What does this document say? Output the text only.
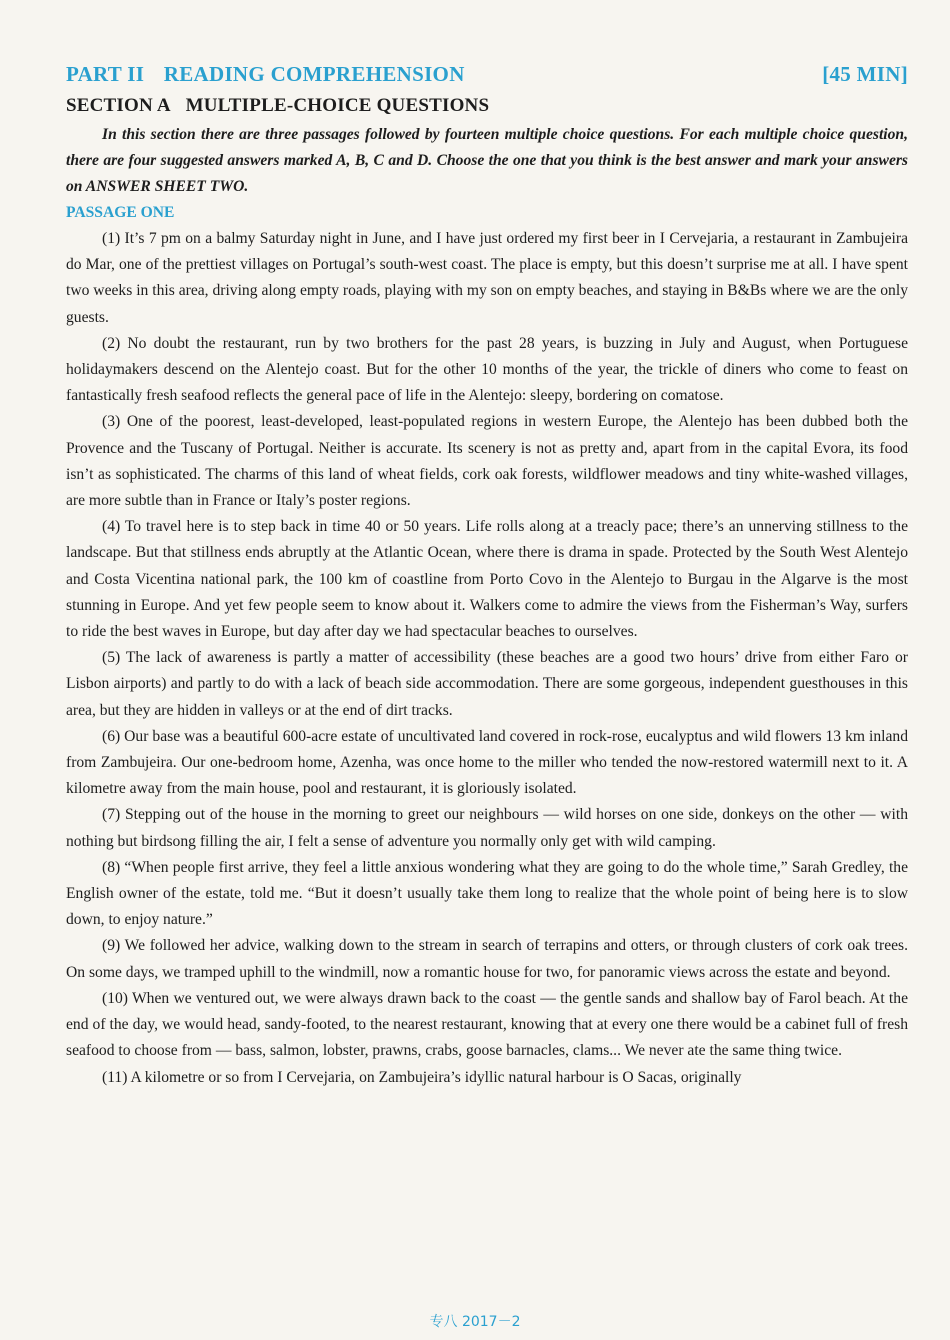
PART II READING COMPREHENSION	[45 MIN]
SECTION A MULTIPLE-CHOICE QUESTIONS

In this section there are three passages followed by fourteen multiple choice questions. For each multiple choice question, there are four suggested answers marked A, B, C and D. Choose the one that you think is the best answer and mark your answers on ANSWER SHEET TWO.

PASSAGE ONE

(1) It’s 7 pm on a balmy Saturday night in June, and I have just ordered my first beer in I Cervejaria, a restaurant in Zambujeira do Mar, one of the prettiest villages on Portugal’s south-west coast. The place is empty, but this doesn’t surprise me at all. I have spent two weeks in this area, driving along empty roads, playing with my son on empty beaches, and staying in B&Bs where we are the only guests.

(2) No doubt the restaurant, run by two brothers for the past 28 years, is buzzing in July and August, when Portuguese holidaymakers descend on the Alentejo coast. But for the other 10 months of the year, the trickle of diners who come to feast on fantastically fresh seafood reflects the general pace of life in the Alentejo: sleepy, bordering on comatose.

(3) One of the poorest, least-developed, least-populated regions in western Europe, the Alentejo has been dubbed both the Provence and the Tuscany of Portugal. Neither is accurate. Its scenery is not as pretty and, apart from in the capital Evora, its food isn’t as sophisticated. The charms of this land of wheat fields, cork oak forests, wildflower meadows and tiny white-washed villages, are more subtle than in France or Italy’s poster regions.

(4) To travel here is to step back in time 40 or 50 years. Life rolls along at a treacly pace; there’s an unnerving stillness to the landscape. But that stillness ends abruptly at the Atlantic Ocean, where there is drama in spade. Protected by the South West Alentejo and Costa Vicentina national park, the 100 km of coastline from Porto Covo in the Alentejo to Burgau in the Algarve is the most stunning in Europe. And yet few people seem to know about it. Walkers come to admire the views from the Fisherman’s Way, surfers to ride the best waves in Europe, but day after day we had spectacular beaches to ourselves.

(5) The lack of awareness is partly a matter of accessibility (these beaches are a good two hours’ drive from either Faro or Lisbon airports) and partly to do with a lack of beach side accommodation. There are some gorgeous, independent guesthouses in this area, but they are hidden in valleys or at the end of dirt tracks.

(6) Our base was a beautiful 600-acre estate of uncultivated land covered in rock-rose, eucalyptus and wild flowers 13 km inland from Zambujeira. Our one-bedroom home, Azenha, was once home to the miller who tended the now-restored watermill next to it. A kilometre away from the main house, pool and restaurant, it is gloriously isolated.

(7) Stepping out of the house in the morning to greet our neighbours — wild horses on one side, donkeys on the other — with nothing but birdsong filling the air, I felt a sense of adventure you normally only get with wild camping.

(8) “When people first arrive, they feel a little anxious wondering what they are going to do the whole time,” Sarah Gredley, the English owner of the estate, told me. “But it doesn’t usually take them long to realize that the whole point of being here is to slow down, to enjoy nature.”

(9) We followed her advice, walking down to the stream in search of terrapins and otters, or through clusters of cork oak trees. On some days, we tramped uphill to the windmill, now a romantic house for two, for panoramic views across the estate and beyond.

(10) When we ventured out, we were always drawn back to the coast — the gentle sands and shallow bay of Farol beach. At the end of the day, we would head, sandy-footed, to the nearest restaurant, knowing that at every one there would be a cabinet full of fresh seafood to choose from — bass, salmon, lobster, prawns, crabs, goose barnacles, clams... We never ate the same thing twice.

(11) A kilometre or so from I Cervejaria, on Zambujeira’s idyllic natural harbour is O Sacas, originally

专八 2017－2
